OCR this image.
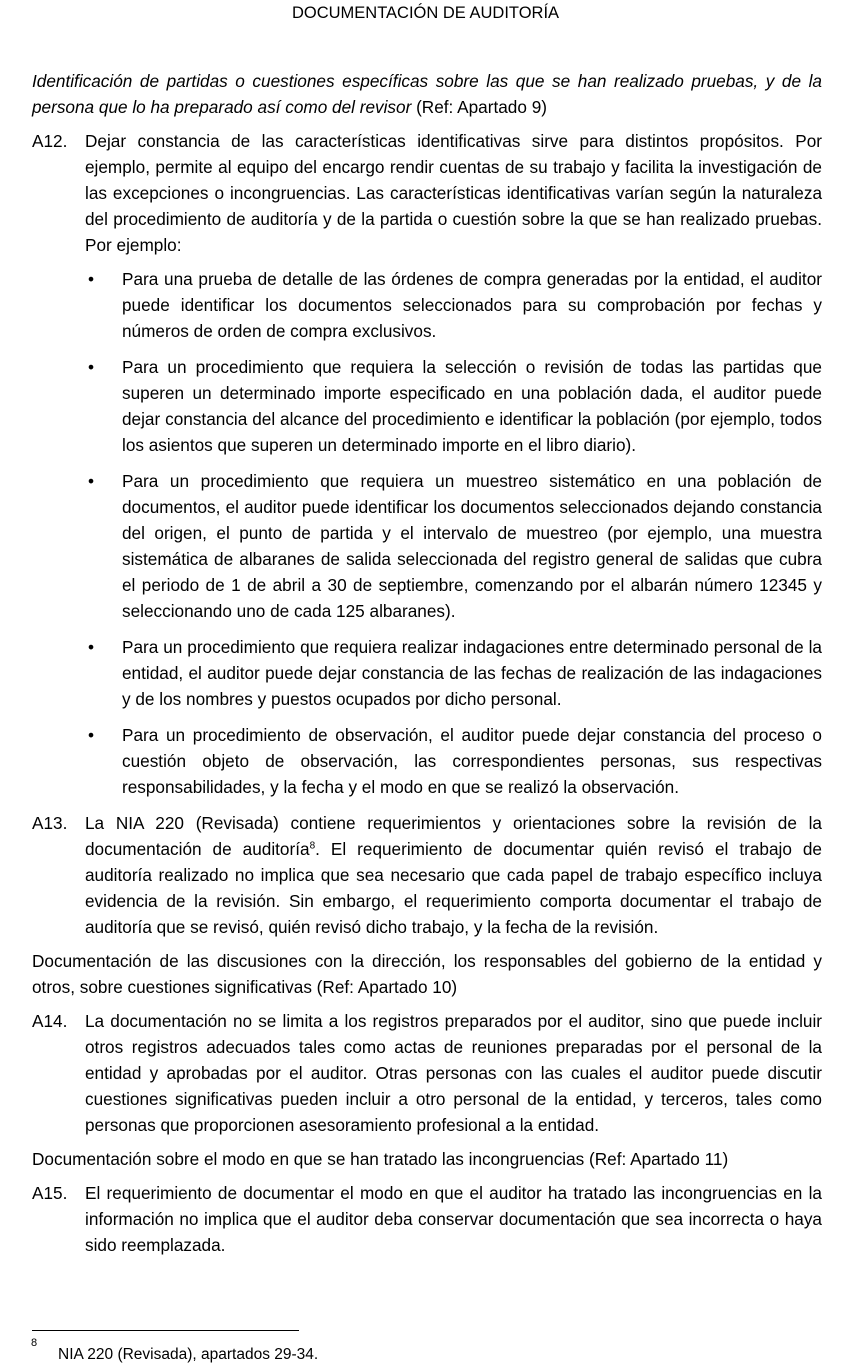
DOCUMENTACIÓN DE AUDITORÍA

Identificación de partidas o cuestiones específicas sobre las que se han realizado pruebas, y de la persona que lo ha preparado así como del revisor (Ref: Apartado 9)

A12.	Dejar constancia de las características identificativas sirve para distintos propósitos. Por ejemplo, permite al equipo del encargo rendir cuentas de su trabajo y facilita la investigación de las excepciones o incongruencias. Las características identificativas varían según la naturaleza del procedimiento de auditoría y de la partida o cuestión sobre la que se han realizado pruebas. Por ejemplo:
•	Para una prueba de detalle de las órdenes de compra generadas por la entidad, el auditor puede identificar los documentos seleccionados para su comprobación por fechas y números de orden de compra exclusivos.
•	Para un procedimiento que requiera la selección o revisión de todas las partidas que superen un determinado importe especificado en una población dada, el auditor puede dejar constancia del alcance del procedimiento e identificar la población (por ejemplo, todos los asientos que superen un determinado importe en el libro diario).
•	Para un procedimiento que requiera un muestreo sistemático en una población de documentos, el auditor puede identificar los documentos seleccionados dejando constancia del origen, el punto de partida y el intervalo de muestreo (por ejemplo, una muestra sistemática de albaranes de salida seleccionada del registro general de salidas que cubra el periodo de 1 de abril a 30 de septiembre, comenzando por el albarán número 12345 y seleccionando uno de cada 125 albaranes).
•	Para un procedimiento que requiera realizar indagaciones entre determinado personal de la entidad, el auditor puede dejar constancia de las fechas de realización de las indagaciones y de los nombres y puestos ocupados por dicho personal.
•	Para un procedimiento de observación, el auditor puede dejar constancia del proceso o cuestión objeto de observación, las correspondientes personas, sus respectivas responsabilidades, y la fecha y el modo en que se realizó la observación.
A13.	La NIA 220 (Revisada) contiene requerimientos y orientaciones sobre la revisión de la documentación de auditoría$^8$. El requerimiento de documentar quién revisó el trabajo de auditoría realizado no implica que sea necesario que cada papel de trabajo específico incluya evidencia de la revisión. Sin embargo, el requerimiento comporta documentar el trabajo de auditoría que se revisó, quién revisó dicho trabajo, y la fecha de la revisión.

Documentación de las discusiones con la dirección, los responsables del gobierno de la entidad y otros, sobre cuestiones significativas (Ref: Apartado 10)

A14.	La documentación no se limita a los registros preparados por el auditor, sino que puede incluir otros registros adecuados tales como actas de reuniones preparadas por el personal de la entidad y aprobadas por el auditor. Otras personas con las cuales el auditor puede discutir cuestiones significativas pueden incluir a otro personal de la entidad, y terceros, tales como personas que proporcionen asesoramiento profesional a la entidad.

Documentación sobre el modo en que se han tratado las incongruencias (Ref: Apartado 11)

A15.	El requerimiento de documentar el modo en que el auditor ha tratado las incongruencias en la información no implica que el auditor deba conservar documentación que sea incorrecta o haya sido reemplazada.
8
NIA 220 (Revisada), apartados 29-34.
